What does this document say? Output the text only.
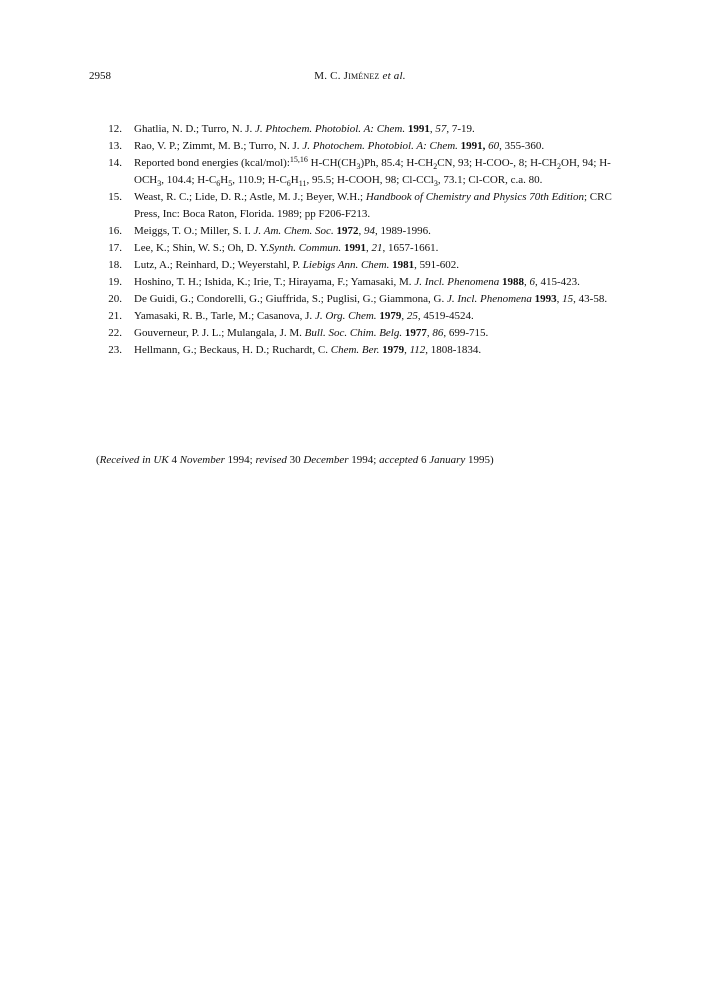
2958	M. C. Jiménez et al.
12. Ghatlia, N. D.; Turro, N. J. J. Phtochem. Photobiol. A: Chem. 1991, 57, 7-19.
13. Rao, V. P.; Zimmt, M. B.; Turro, N. J. J. Photochem. Photobiol. A: Chem. 1991, 60, 355-360.
14. Reported bond energies (kcal/mol):$^{15,16}$ $H-CH(CH_3)Ph$, 85.4; $H-CH_2CN$, 93; H-COO-, 8; $H-CH_2OH$, 94; $H-OCH_3$, 104.4; $H-C_6H_5$, 110.9; $H-C_6H_{11}$, 95.5; H-COOH, 98; Cl-CCl$_3$, 73.1; Cl-COR, c.a. 80.
15. Weast, R. C.; Lide, D. R.; Astle, M. J.; Beyer, W.H.; Handbook of Chemistry and Physics 70th Edition; CRC Press, Inc: Boca Raton, Florida. 1989; pp F206-F213.
16. Meiggs, T. O.; Miller, S. I. J. Am. Chem. Soc. 1972, 94, 1989-1996.
17. Lee, K.; Shin, W. S.; Oh, D. Y.Synth. Commun. 1991, 21, 1657-1661.
18. Lutz, A.; Reinhard, D.; Weyerstahl, P. Liebigs Ann. Chem. 1981, 591-602.
19. Hoshino, T. H.; Ishida, K.; Irie, T.; Hirayama, F.; Yamasaki, M. J. Incl. Phenomena 1988, 6, 415-423.
20. De Guidi, G.; Condorelli, G.; Giuffrida, S.; Puglisi, G.; Giammona, G. J. Incl. Phenomena 1993, 15, 43-58.
21. Yamasaki, R. B., Tarle, M.; Casanova, J. J. Org. Chem. 1979, 25, 4519-4524.
22. Gouverneur, P. J. L.; Mulangala, J. M. Bull. Soc. Chim. Belg. 1977, 86, 699-715.
23. Hellmann, G.; Beckaus, H. D.; Ruchardt, C. Chem. Ber. 1979, 112, 1808-1834.
(Received in UK 4 November 1994; revised 30 December 1994; accepted 6 January 1995)
